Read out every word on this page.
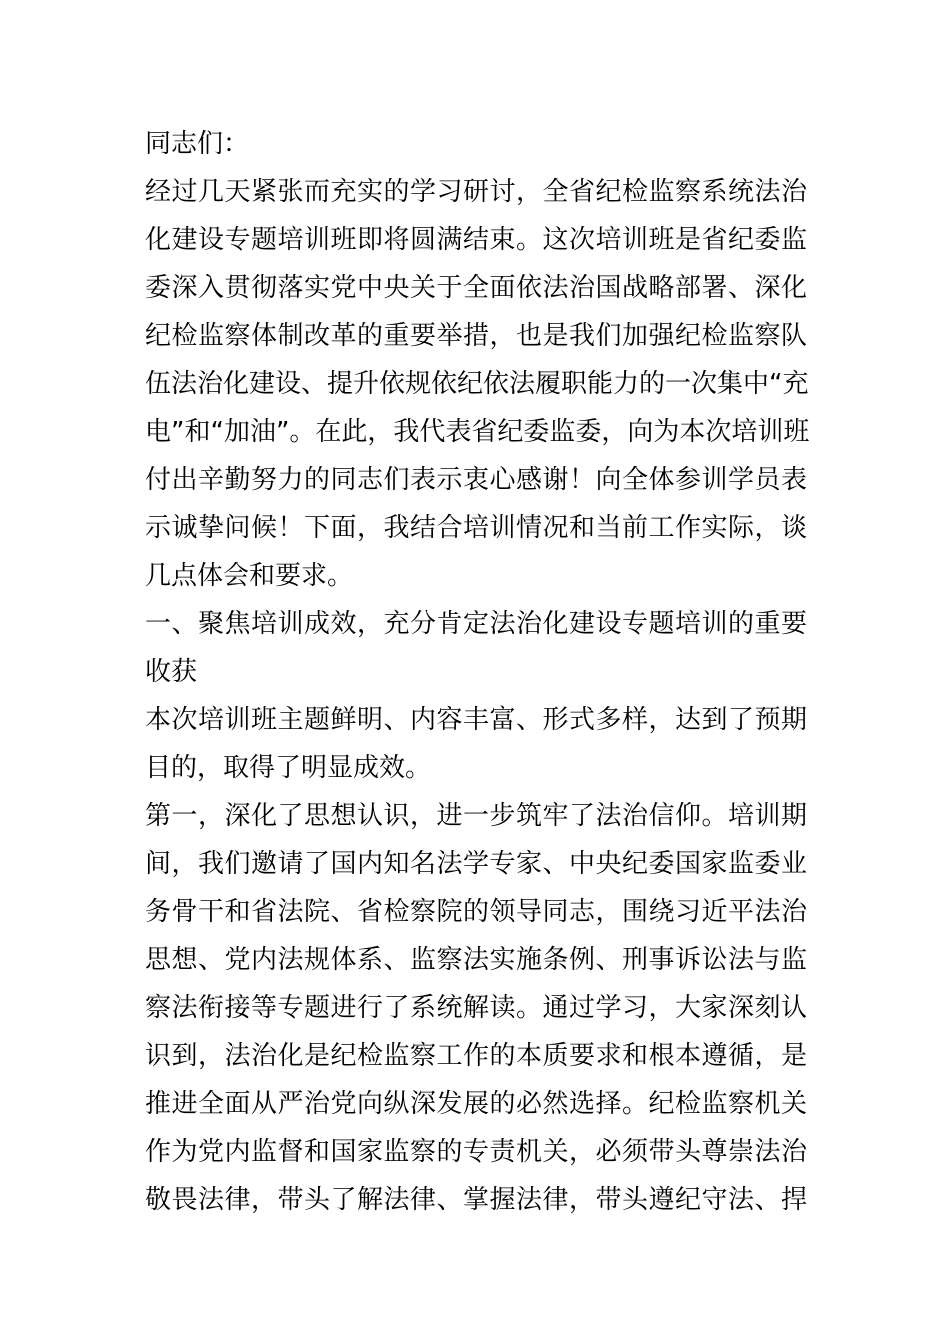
同志们：
经过几天紧张而充实的学习研讨，全省纪检监察系统法治
化建设专题培训班即将圆满结束。这次培训班是省纪委监
委深入贯彻落实党中央关于全面依法治国战略部署、深化
纪检监察体制改革的重要举措，也是我们加强纪检监察队
伍法治化建设、提升依规依纪依法履职能力的一次集中“充
电”和“加油”。在此，我代表省纪委监委，向为本次培训班
付出辛勤努力的同志们表示衷心感谢！向全体参训学员表
示诚挚问候！下面，我结合培训情况和当前工作实际，谈
几点体会和要求。
一、聚焦培训成效，充分肯定法治化建设专题培训的重要
收获
本次培训班主题鲜明、内容丰富、形式多样，达到了预期
目的，取得了明显成效。
第一，深化了思想认识，进一步筑牢了法治信仰。培训期
间，我们邀请了国内知名法学专家、中央纪委国家监委业
务骨干和省法院、省检察院的领导同志，围绕习近平法治
思想、党内法规体系、监察法实施条例、刑事诉讼法与监
察法衔接等专题进行了系统解读。通过学习，大家深刻认
识到，法治化是纪检监察工作的本质要求和根本遵循，是
推进全面从严治党向纵深发展的必然选择。纪检监察机关
作为党内监督和国家监察的专责机关，必须带头尊崇法治
敬畏法律，带头了解法律、掌握法律，带头遵纪守法、捍
